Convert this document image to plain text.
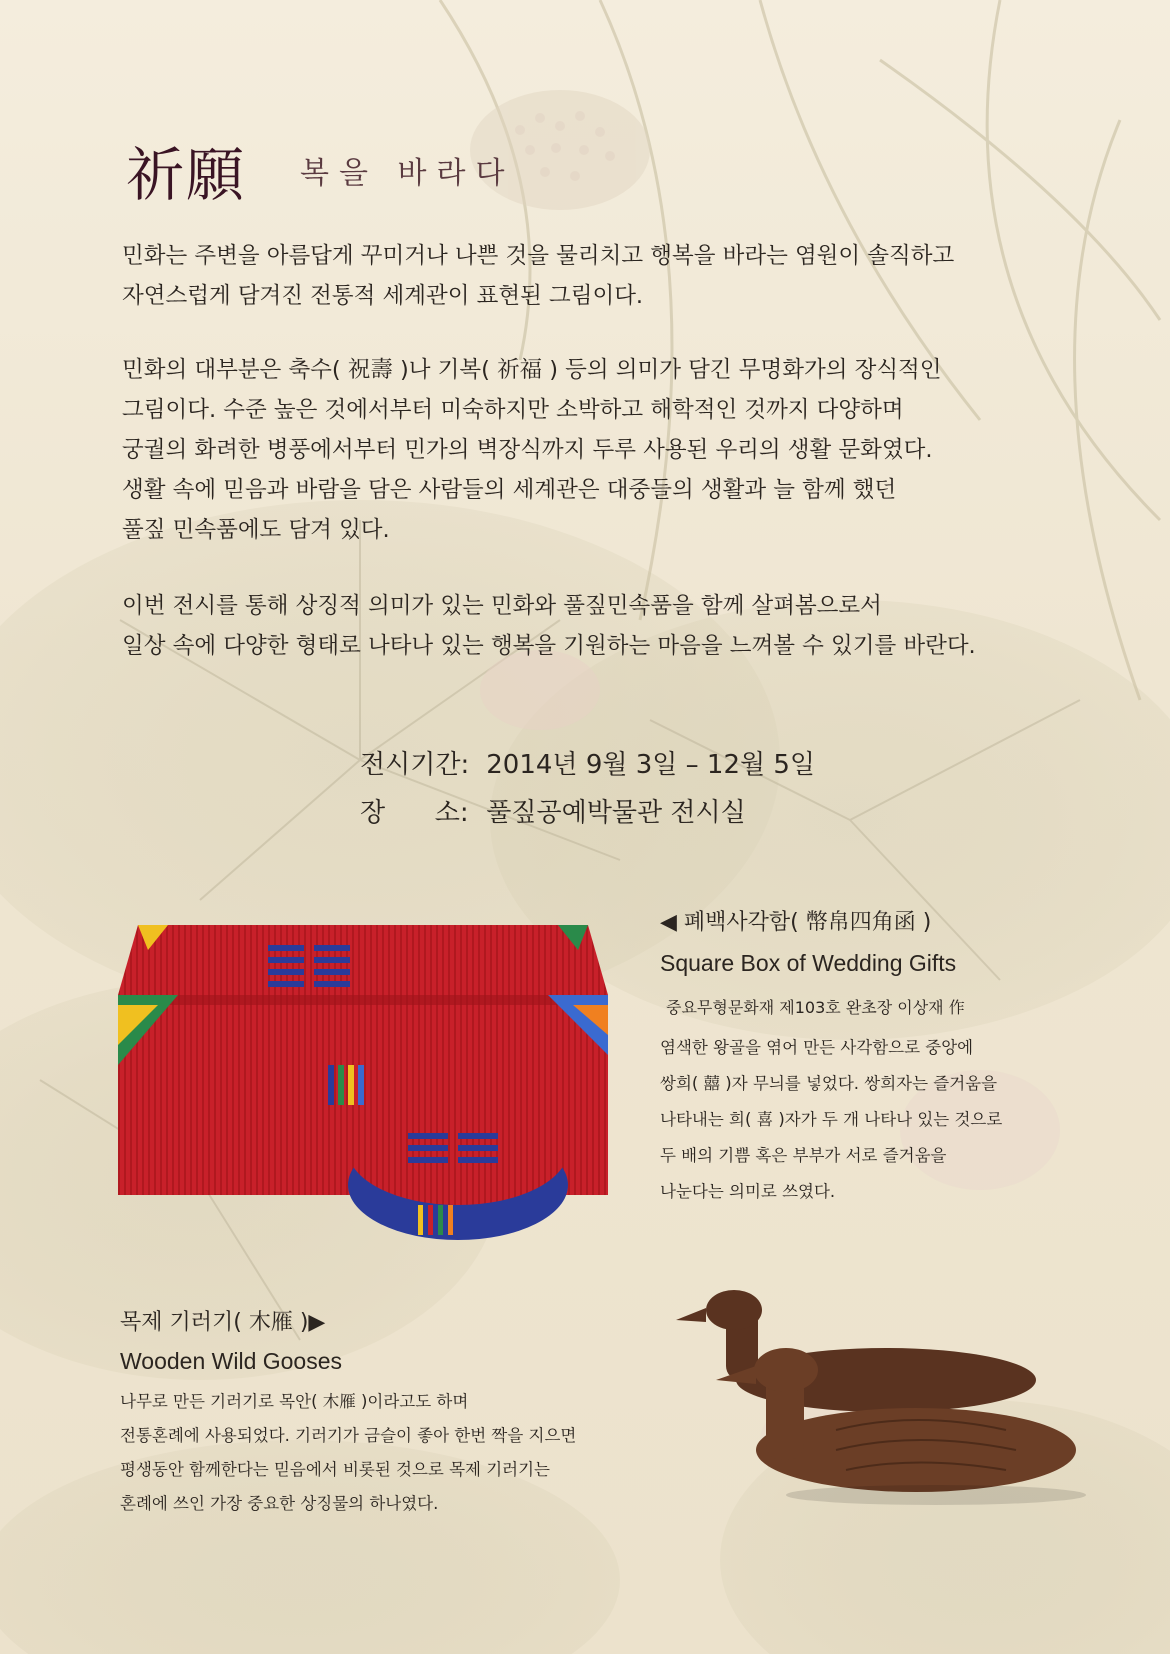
祈願 복을 바라다
민화는 주변을 아름답게 꾸미거나 나쁜 것을 물리치고 행복을 바라는 염원이 솔직하고
자연스럽게 담겨진 전통적 세계관이 표현된 그림이다.
민화의 대부분은 축수( 祝壽 )나 기복( 祈福 ) 등의 의미가 담긴 무명화가의 장식적인
그림이다. 수준 높은 것에서부터 미숙하지만 소박하고 해학적인 것까지 다양하며
궁궐의 화려한 병풍에서부터 민가의 벽장식까지 두루 사용된 우리의 생활 문화였다.
생활 속에 믿음과 바람을 담은 사람들의 세계관은 대중들의 생활과 늘 함께 했던
풀짚 민속품에도 담겨 있다.
이번 전시를 통해 상징적 의미가 있는 민화와 풀짚민속품을 함께 살펴봄으로서
일상 속에 다양한 형태로 나타나 있는 행복을 기원하는 마음을 느껴볼 수 있기를 바란다.
전시기간: 2014년 9월 3일 – 12월 5일
장      소: 풀짚공예박물관 전시실
◀ 폐백사각함( 幣帛四角函 )
Square Box of Wedding Gifts
중요무형문화재 제103호 완초장 이상재 作
염색한 왕골을 엮어 만든 사각함으로 중앙에
쌍희( 囍 )자 무늬를 넣었다. 쌍희자는 즐거움을
나타내는 희( 喜 )자가 두 개 나타나 있는 것으로
두 배의 기쁨 혹은 부부가 서로 즐거움을
나눈다는 의미로 쓰였다.
목제 기러기( 木雁 )▶
Wooden Wild Gooses
나무로 만든 기러기로 목안( 木雁 )이라고도 하며
전통혼례에 사용되었다. 기러기가 금슬이 좋아 한번 짝을 지으면
평생동안 함께한다는 믿음에서 비롯된 것으로 목제 기러기는
혼례에 쓰인 가장 중요한 상징물의 하나였다.
